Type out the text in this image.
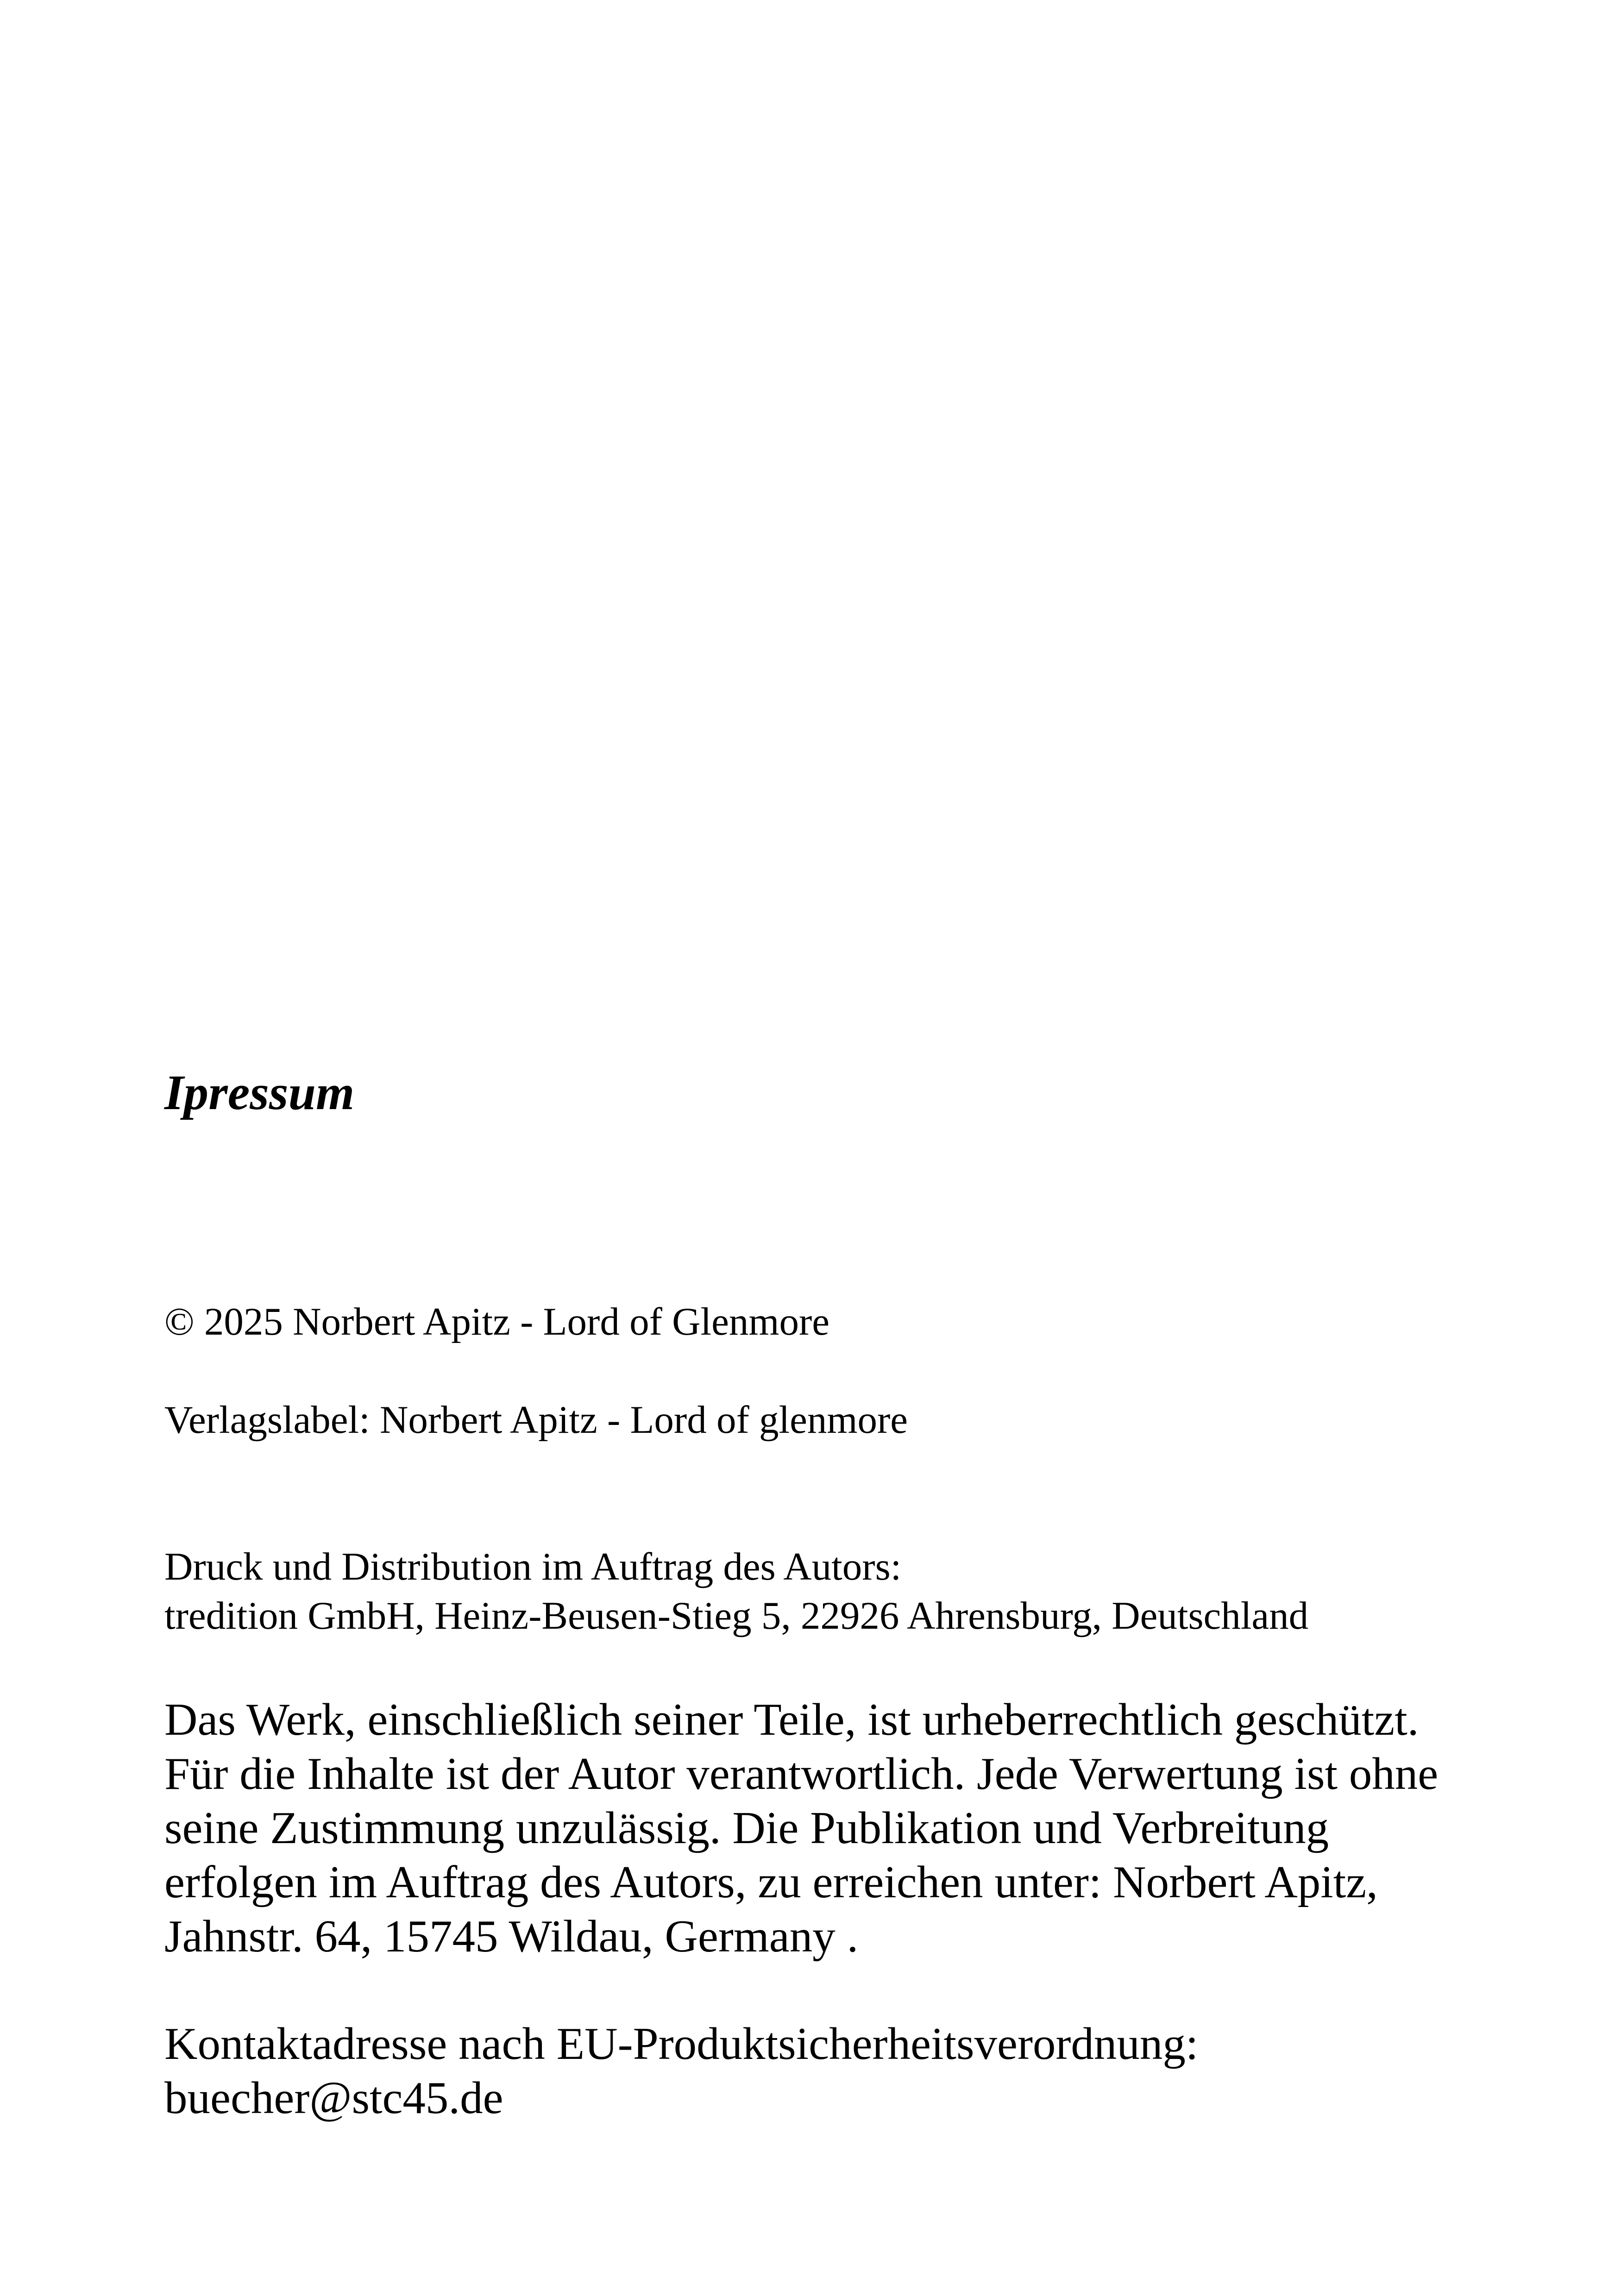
Ipressum

© 2025 Norbert Apitz - Lord of Glenmore

Verlagslabel: Norbert Apitz - Lord of glenmore

Druck und Distribution im Auftrag des Autors:
tredition GmbH, Heinz-Beusen-Stieg 5, 22926 Ahrensburg, Deutschland
Das Werk, einschließlich seiner Teile, ist urheberrechtlich geschützt.
Für die Inhalte ist der Autor verantwortlich. Jede Verwertung ist ohne
seine Zustimmung unzulässig. Die Publikation und Verbreitung
erfolgen im Auftrag des Autors, zu erreichen unter: Norbert Apitz,
Jahnstr. 64, 15745 Wildau, Germany .
Kontaktadresse nach EU-Produktsicherheitsverordnung:
buecher@stc45.de
